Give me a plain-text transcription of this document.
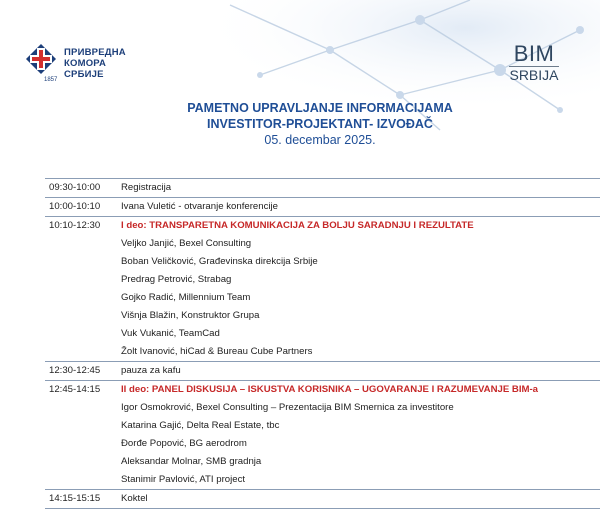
ПРИВРЕДНА
КОМОРА
СРБИЈЕ
1857
BIM
SRBIJA
PAMETNO UPRAVLJANJE INFORMACIJAMA
INVESTITOR-PROJEKTANT- IZVOĐAČ
05. decembar 2025.
09:30-10:00 Registracija
10:00-10:10 Ivana Vuletić - otvaranje konferencije
10:10-12:30 I deo: TRANSPARETNA KOMUNIKACIJA ZA BOLJU SARADNJU I REZULTATE
Veljko Janjić, Bexel Consulting
Boban Veličković, Građevinska direkcija Srbije
Predrag Petrović, Strabag
Gojko Radić, Millennium Team
Višnja Blažin, Konstruktor Grupa
Vuk Vukanić, TeamCad
Žolt Ivanović, hiCad & Bureau Cube Partners
12:30-12:45 pauza za kafu
12:45-14:15 II deo: PANEL DISKUSIJA – ISKUSTVA KORISNIKA – UGOVARANJE I RAZUMEVANJE BIM-a
Igor Osmokrović, Bexel Consulting – Prezentacija BIM Smernica za investitore
Katarina Gajić, Delta Real Estate, tbc
Đorđe Popović, BG aerodrom
Aleksandar Molnar, SMB gradnja
Stanimir Pavlović, ATI project
14:15-15:15 Koktel
